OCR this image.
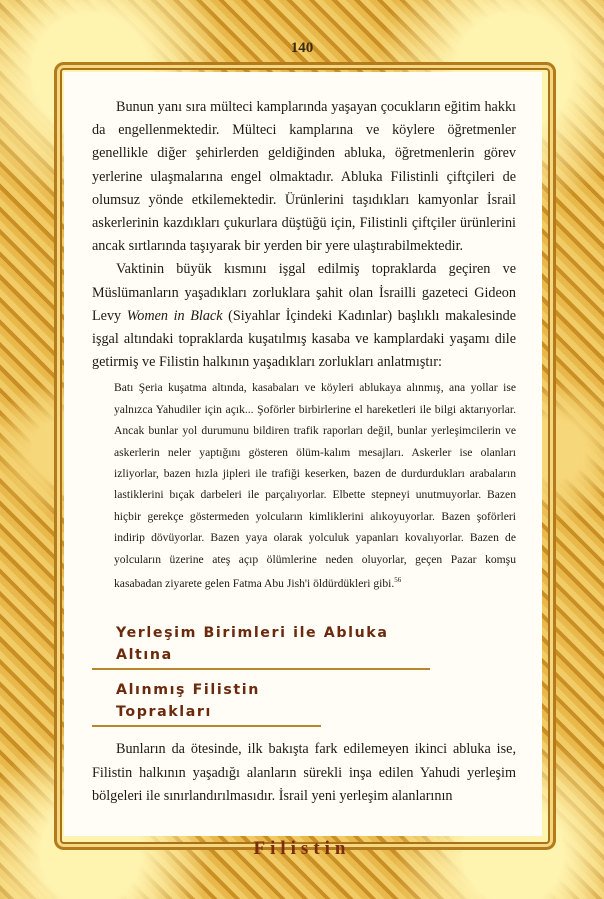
140

Bunun yanı sıra mülteci kamplarında yaşayan çocukların eğitim hakkı da engellenmektedir. Mülteci kamplarına ve köylere öğretmenler genellikle diğer şehirlerden geldiğinden abluka, öğretmenlerin görev yerlerine ulaşmalarına engel olmaktadır. Abluka Filistinli çiftçileri de olumsuz yönde etkilemektedir. Ürünlerini taşıdıkları kamyonlar İsrail askerlerinin kazdıkları çukurlara düştüğü için, Filistinli çiftçiler ürünlerini ancak sırtlarında taşıyarak bir yerden bir yere ulaştırabilmektedir.

Vaktinin büyük kısmını işgal edilmiş topraklarda geçiren ve Müslümanların yaşadıkları zorluklara şahit olan İsrailli gazeteci Gideon Levy Women in Black (Siyahlar İçindeki Kadınlar) başlıklı makalesinde işgal altındaki topraklarda kuşatılmış kasaba ve kamplardaki yaşamı dile getirmiş ve Filistin halkının yaşadıkları zorlukları anlatmıştır:

Batı Şeria kuşatma altında, kasabaları ve köyleri ablukaya alınmış, ana yollar ise yalnızca Yahudiler için açık... Şoförler birbirlerine el hareketleri ile bilgi aktarıyorlar. Ancak bunlar yol durumunu bildiren trafik raporları değil, bunlar yerleşimcilerin ve askerlerin neler yaptığını gösteren ölüm-kalım mesajları. Askerler ise olanları izliyorlar, bazen hızla jipleri ile trafiği keserken, bazen de durdurdukları arabaların lastiklerini bıçak darbeleri ile parçalıyorlar. Elbette stepneyi unutmuyorlar. Bazen hiçbir gerekçe göstermeden yolcuların kimliklerini alıkoyuyorlar. Bazen şoförleri indirip dövüyorlar. Bazen yaya olarak yolculuk yapanları kovalıyorlar. Bazen de yolcuların üzerine ateş açıp ölümlerine neden oluyorlar, geçen Pazar komşu kasabadan ziyarete gelen Fatma Abu Jish'i öldürdükleri gibi.$^{56}$

Yerleşim Birimleri ile Abluka Altına
Alınmış Filistin Toprakları

Bunların da ötesinde, ilk bakışta fark edilemeyen ikinci abluka ise, Filistin halkının yaşadığı alanların sürekli inşa edilen Yahudi yerleşim bölgeleri ile sınırlandırılmasıdır. İsrail yeni yerleşim alanlarının

Filistin
